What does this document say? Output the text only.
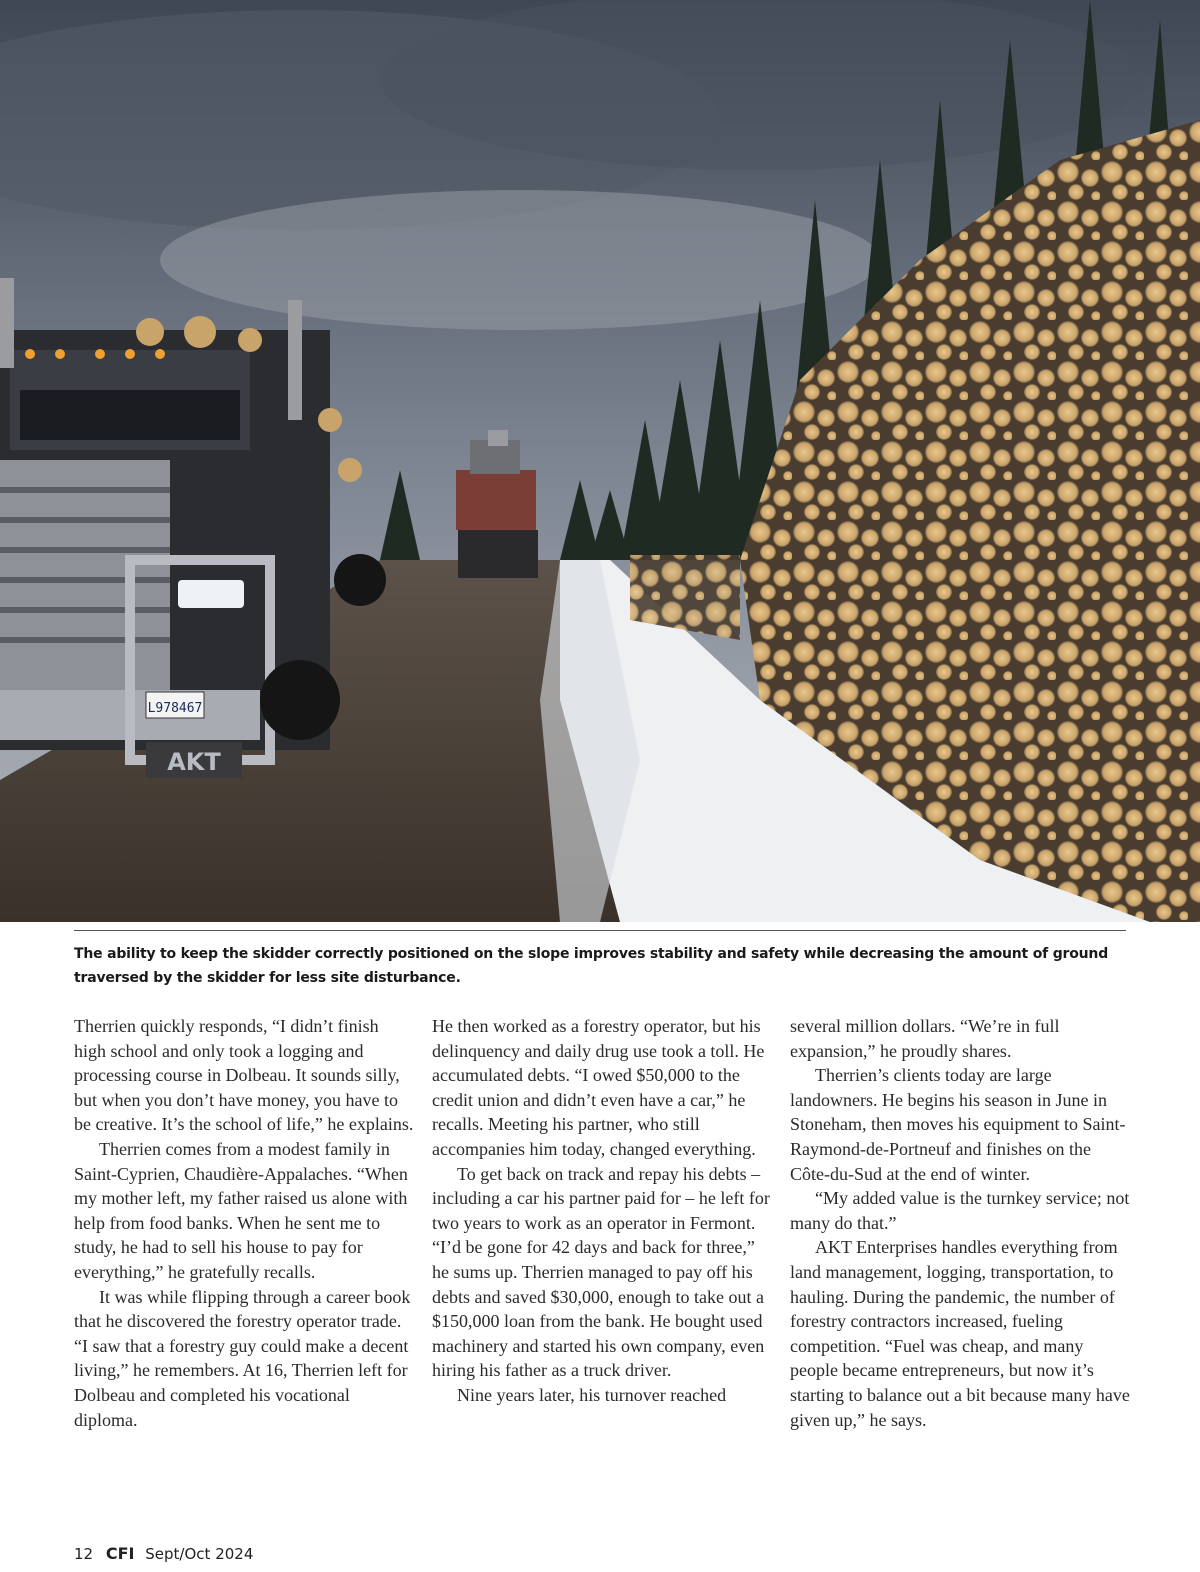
L978467
AKT
The ability to keep the skidder correctly positioned on the slope improves stability and safety while decreasing the amount of ground traversed by the skidder for less site disturbance.

Therrien quickly responds, “I didn’t finish high school and only took a logging and processing course in Dolbeau. It sounds silly, but when you don’t have money, you have to be creative. It’s the school of life,” he explains.

Therrien comes from a modest family in Saint-Cyprien, Chaudière-Appalaches. “When my mother left, my father raised us alone with help from food banks. When he sent me to study, he had to sell his house to pay for everything,” he gratefully recalls.

It was while flipping through a career book that he discovered the forestry operator trade. “I saw that a forestry guy could make a decent living,” he remembers. At 16, Therrien left for Dolbeau and completed his vocational diploma.

He then worked as a forestry operator, but his delinquency and daily drug use took a toll. He accumulated debts. “I owed $50,000 to the credit union and didn’t even have a car,” he recalls. Meeting his partner, who still accompanies him today, changed everything.

To get back on track and repay his debts – including a car his partner paid for – he left for two years to work as an operator in Fermont. “I’d be gone for 42 days and back for three,” he sums up. Therrien managed to pay off his debts and saved $30,000, enough to take out a $150,000 loan from the bank. He bought used machinery and started his own company, even hiring his father as a truck driver.

Nine years later, his turnover reached

several million dollars. “We’re in full expansion,” he proudly shares.

Therrien’s clients today are large landowners. He begins his season in June in Stoneham, then moves his equipment to Saint-Raymond-de-Portneuf and finishes on the Côte-du-Sud at the end of winter.

“My added value is the turnkey service; not many do that.”

AKT Enterprises handles everything from land management, logging, transportation, to hauling. During the pandemic, the number of forestry contractors increased, fueling competition. “Fuel was cheap, and many people became entrepreneurs, but now it’s starting to balance out a bit because many have given up,” he says.

12 CFI Sept/Oct 2024
